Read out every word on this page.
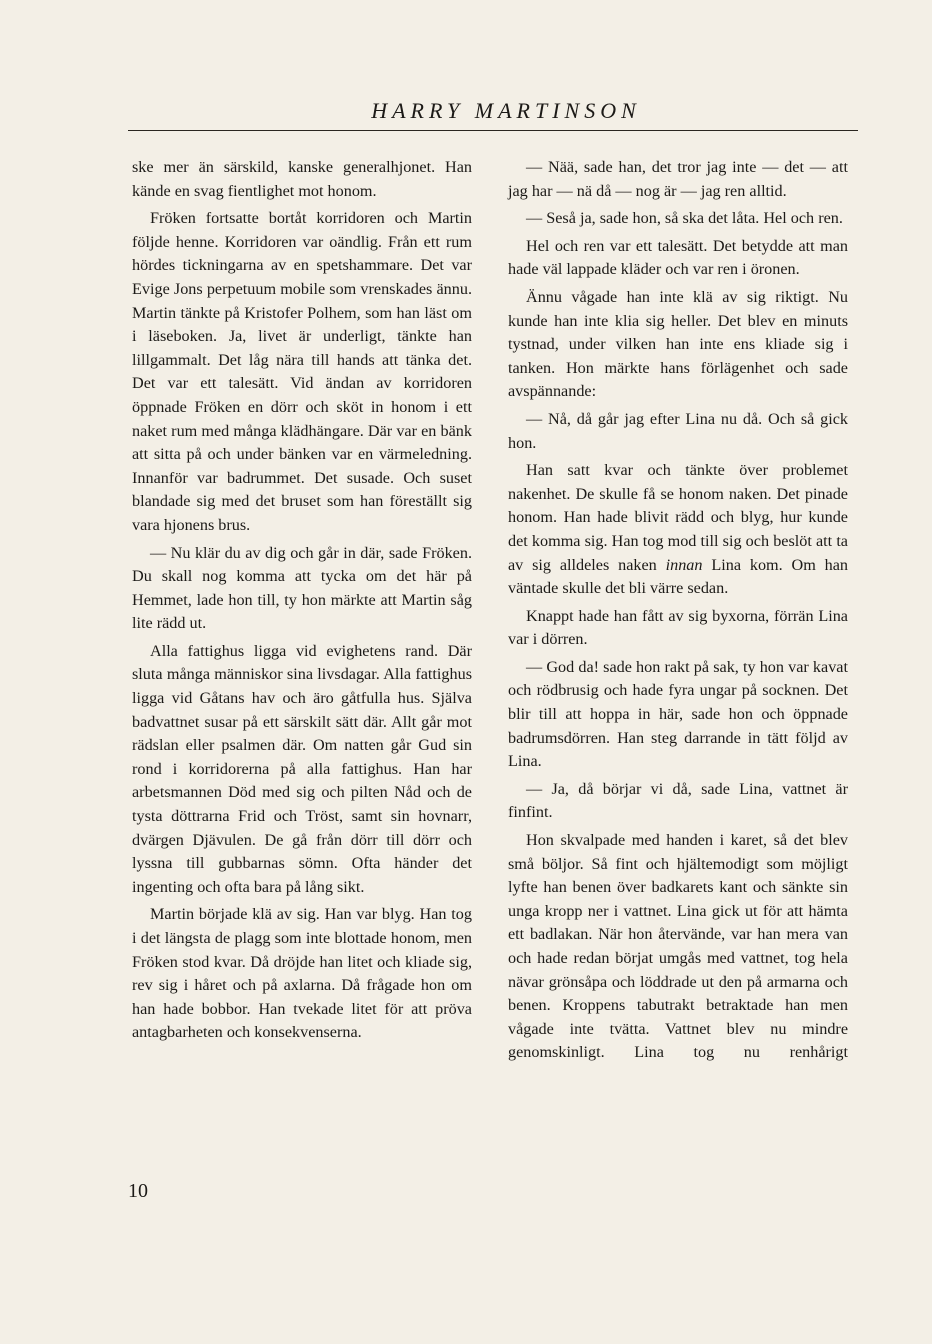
HARRY MARTINSON

ske mer än särskild, kanske generalhjonet. Han kände en svag fientlighet mot honom.

Fröken fortsatte bortåt korridoren och Martin följde henne. Korridoren var oändlig. Från ett rum hördes tickningarna av en spetshammare. Det var Evige Jons perpetuum mobile som vrenskades ännu. Martin tänkte på Kristofer Polhem, som han läst om i läseboken. Ja, livet är underligt, tänkte han lillgammalt. Det låg nära till hands att tänka det. Det var ett talesätt. Vid ändan av korridoren öppnade Fröken en dörr och sköt in honom i ett naket rum med många klädhängare. Där var en bänk att sitta på och under bänken var en värmeledning. Innanför var badrummet. Det susade. Och suset blandade sig med det bruset som han föreställt sig vara hjonens brus.

— Nu klär du av dig och går in där, sade Fröken. Du skall nog komma att tycka om det här på Hemmet, lade hon till, ty hon märkte att Martin såg lite rädd ut.

Alla fattighus ligga vid evighetens rand. Där sluta många människor sina livsdagar. Alla fattighus ligga vid Gåtans hav och äro gåtfulla hus. Själva badvattnet susar på ett särskilt sätt där. Allt går mot rädslan eller psalmen där. Om natten går Gud sin rond i korridorerna på alla fattighus. Han har arbetsmannen Död med sig och pilten Nåd och de tysta döttrarna Frid och Tröst, samt sin hovnarr, dvärgen Djävulen. De gå från dörr till dörr och lyssna till gubbarnas sömn. Ofta händer det ingenting och ofta bara på lång sikt.

Martin började klä av sig. Han var blyg. Han tog i det längsta de plagg som inte blottade honom, men Fröken stod kvar. Då dröjde han litet och kliade sig, rev sig i håret och på axlarna. Då frågade hon om han hade bobbor. Han tvekade litet för att pröva antagbarheten och konsekvenserna.

— Nää, sade han, det tror jag inte — det — att jag har — nä då — nog är — jag ren alltid.

— Seså ja, sade hon, så ska det låta. Hel och ren.

Hel och ren var ett talesätt. Det betydde att man hade väl lappade kläder och var ren i öronen.

Ännu vågade han inte klä av sig riktigt. Nu kunde han inte klia sig heller. Det blev en minuts tystnad, under vilken han inte ens kliade sig i tanken. Hon märkte hans förlägenhet och sade avspännande:

— Nå, då går jag efter Lina nu då. Och så gick hon.

Han satt kvar och tänkte över problemet nakenhet. De skulle få se honom naken. Det pinade honom. Han hade blivit rädd och blyg, hur kunde det komma sig. Han tog mod till sig och beslöt att ta av sig alldeles naken innan Lina kom. Om han väntade skulle det bli värre sedan.

Knappt hade han fått av sig byxorna, förrän Lina var i dörren.

— God da! sade hon rakt på sak, ty hon var kavat och rödbrusig och hade fyra ungar på socknen. Det blir till att hoppa in här, sade hon och öppnade badrumsdörren. Han steg darrande in tätt följd av Lina.

— Ja, då börjar vi då, sade Lina, vattnet är finfint.

Hon skvalpade med handen i karet, så det blev små böljor. Så fint och hjältemodigt som möjligt lyfte han benen över badkarets kant och sänkte sin unga kropp ner i vattnet. Lina gick ut för att hämta ett badlakan. När hon återvände, var han mera van och hade redan börjat umgås med vattnet, tog hela nävar grönsåpa och löddrade ut den på armarna och benen. Kroppens tabutrakt betraktade han men vågade inte tvätta. Vattnet blev nu mindre genomskinligt. Lina tog nu renhårigt

10
